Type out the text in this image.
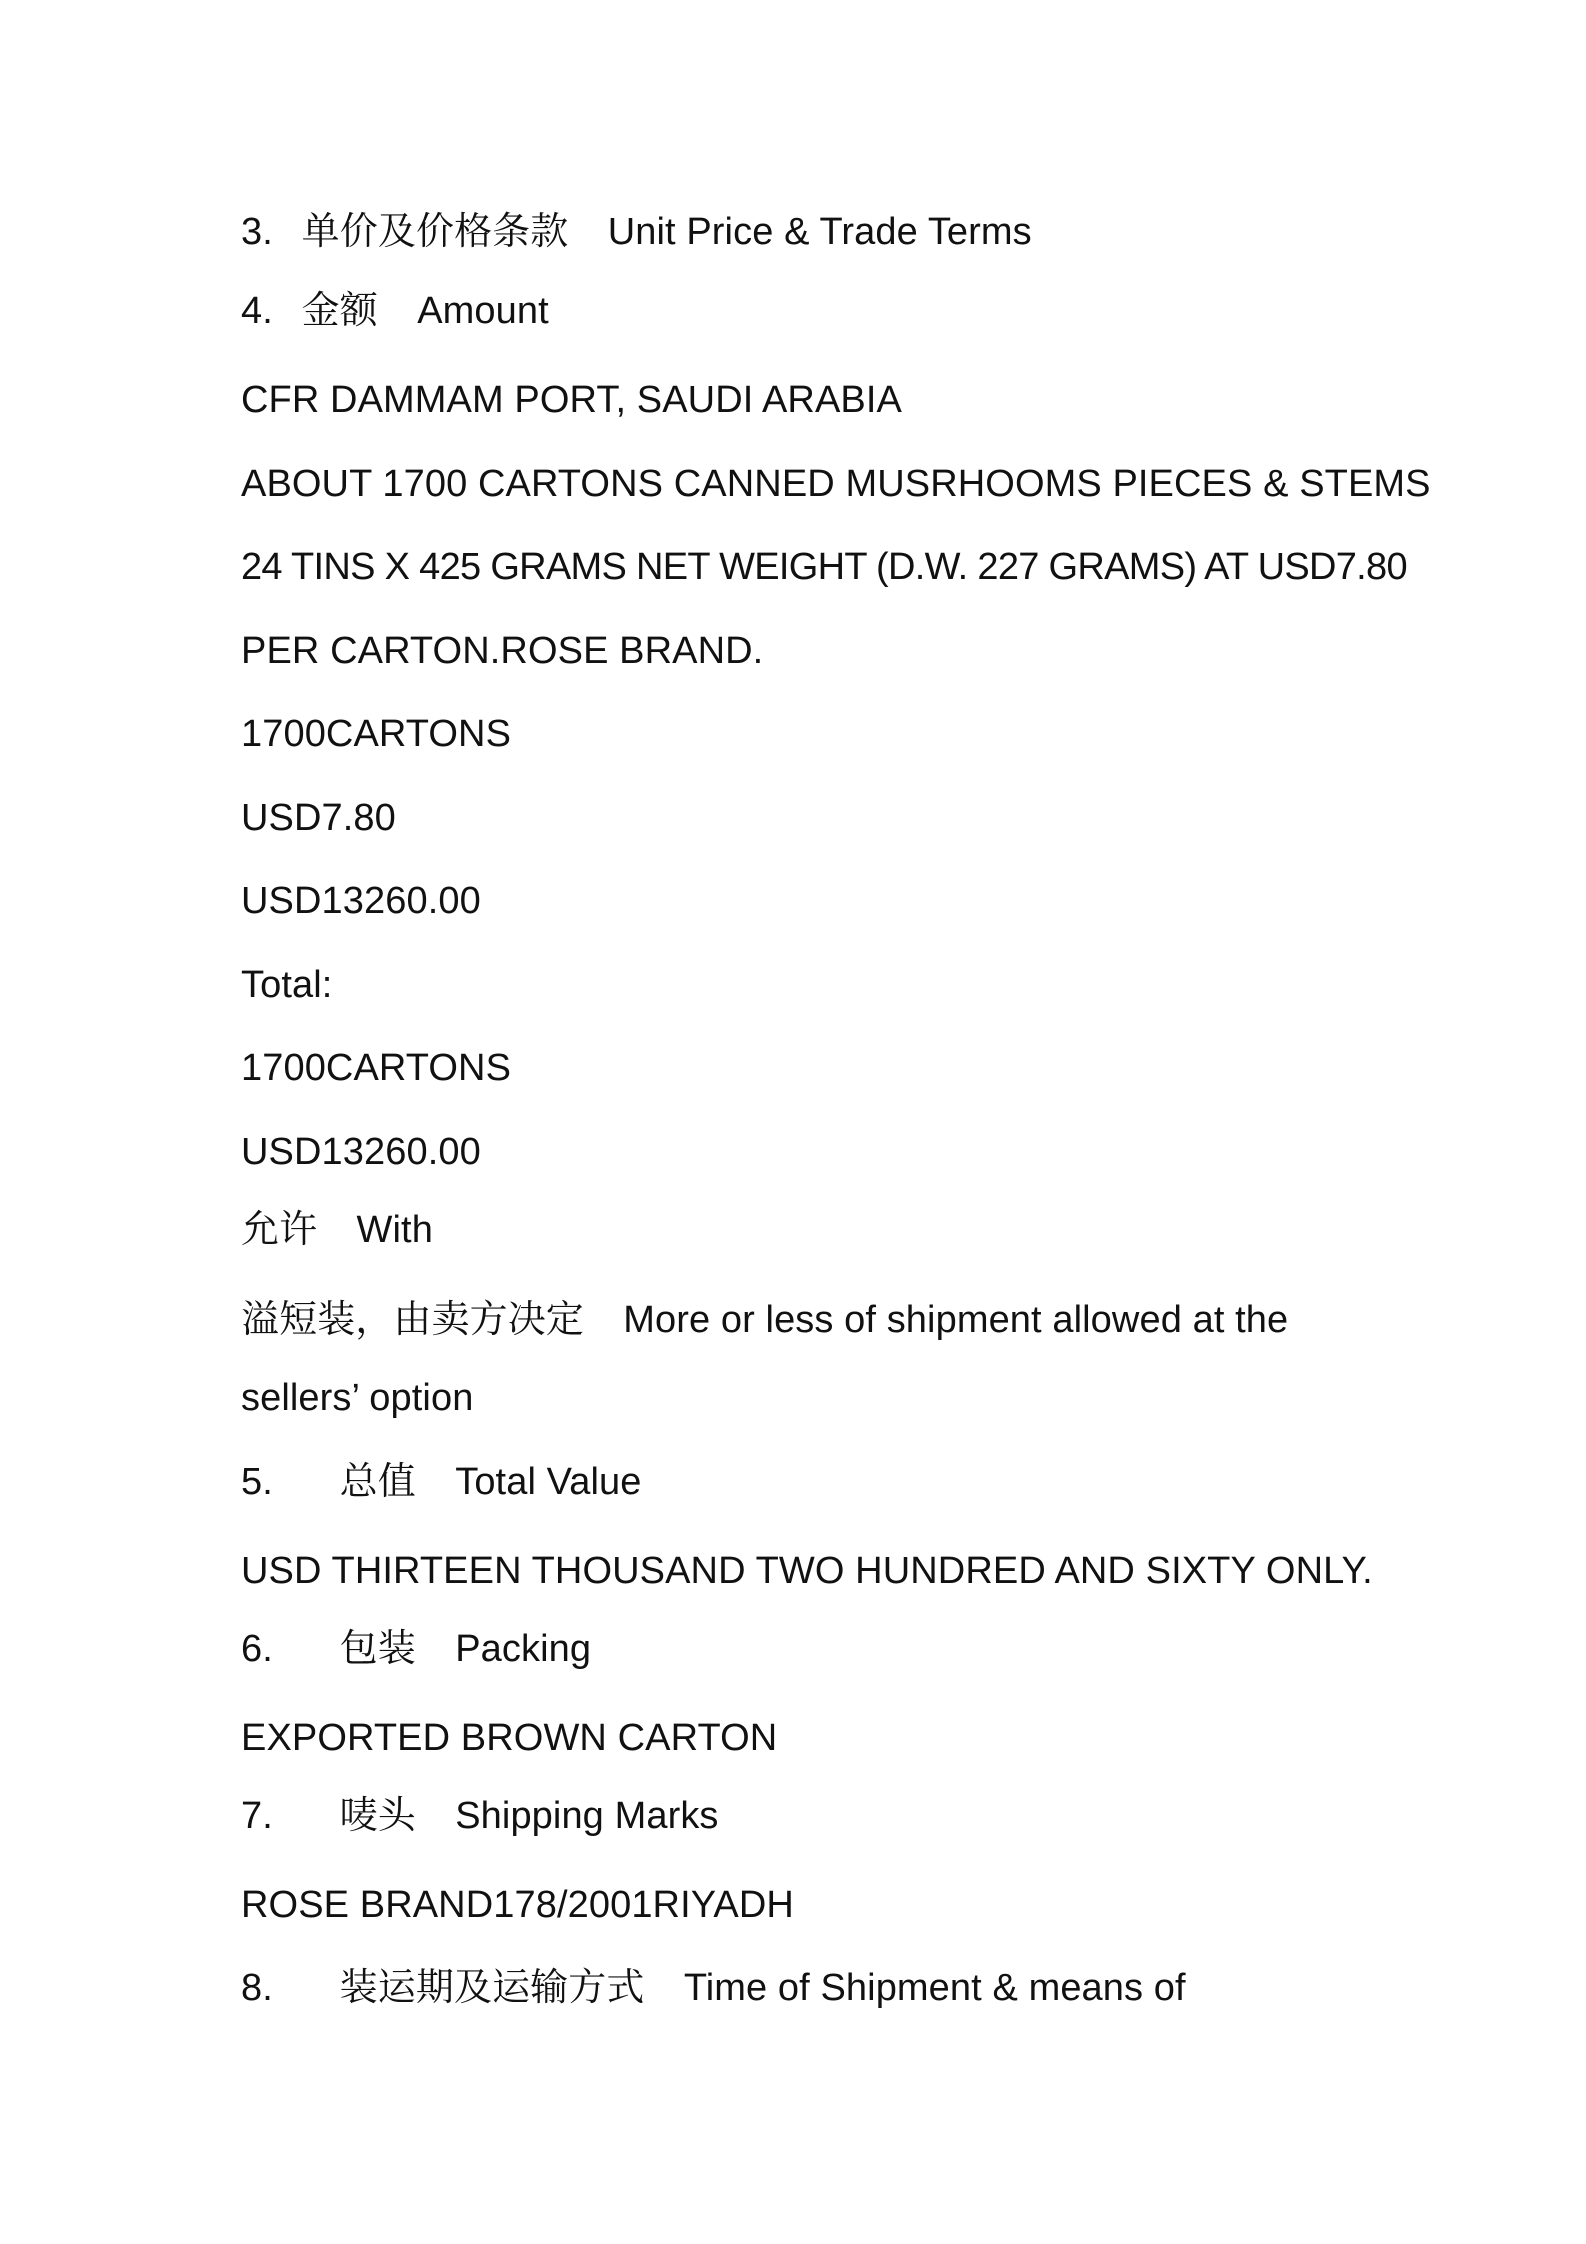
3. 单价及价格条款 Unit Price & Trade Terms
4. 金额 Amount
CFR DAMMAM PORT, SAUDI ARABIA
ABOUT 1700 CARTONS CANNED MUSRHOOMS PIECES & STEMS
24 TINS X 425 GRAMS NET WEIGHT (D.W. 227 GRAMS) AT USD7.80
PER CARTON.ROSE BRAND.
1700CARTONS
USD7.80
USD13260.00
Total:
1700CARTONS
USD13260.00
允许 With
溢短装，由卖方决定 More or less of shipment allowed at the
sellers’ option
5. 总值 Total Value
USD THIRTEEN THOUSAND TWO HUNDRED AND SIXTY ONLY.
6. 包装 Packing
EXPORTED BROWN CARTON
7. 唛头 Shipping Marks
ROSE BRAND178/2001RIYADH
8. 装运期及运输方式 Time of Shipment & means of
